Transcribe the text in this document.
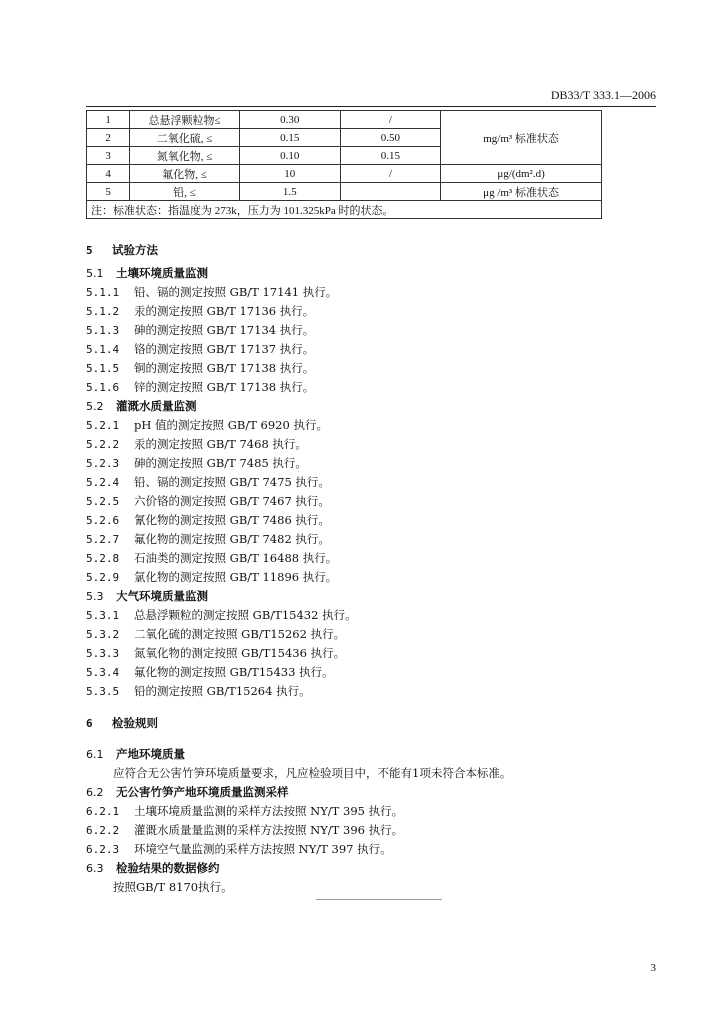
DB33/T 333.1—2006
1	总悬浮颗粒物≤	0.30	/	mg/m³ 标准状态
2	二氧化硫, ≤	0.15	0.50	
3	氮氧化物, ≤	0.10	0.15	
4	氟化物, ≤	10	/	μg/(dm².d)
5	铅, ≤	1.5		μg /m³ 标准状态
注：标准状态：指温度为 273k，压力为 101.325kPa 时的状态。				
5 试验方法
5.1 土壤环境质量监测
5.1.1 铅、镉的测定按照 GB/T 17141 执行。
5.1.2 汞的测定按照 GB/T 17136 执行。
5.1.3 砷的测定按照 GB/T 17134 执行。
5.1.4 铬的测定按照 GB/T 17137 执行。
5.1.5 铜的测定按照 GB/T 17138 执行。
5.1.6 锌的测定按照 GB/T 17138 执行。
5.2 灌溉水质量监测
5.2.1 pH 值的测定按照 GB/T 6920 执行。
5.2.2 汞的测定按照 GB/T 7468 执行。
5.2.3 砷的测定按照 GB/T 7485 执行。
5.2.4 铅、镉的测定按照 GB/T 7475 执行。
5.2.5 六价铬的测定按照 GB/T 7467 执行。
5.2.6 氰化物的测定按照 GB/T 7486 执行。
5.2.7 氟化物的测定按照 GB/T 7482 执行。
5.2.8 石油类的测定按照 GB/T 16488 执行。
5.2.9 氯化物的测定按照 GB/T 11896 执行。
5.3 大气环境质量监测
5.3.1 总悬浮颗粒的测定按照 GB/T15432 执行。
5.3.2 二氧化硫的测定按照 GB/T15262 执行。
5.3.3 氮氧化物的测定按照 GB/T15436 执行。
5.3.4 氟化物的测定按照 GB/T15433 执行。
5.3.5 铅的测定按照 GB/T15264 执行。
6 检验规则
6.1 产地环境质量
应符合无公害竹笋环境质量要求，凡应检验项目中，不能有1项未符合本标准。
6.2 无公害竹笋产地环境质量监测采样
6.2.1 土壤环境质量监测的采样方法按照 NY/T 395 执行。
6.2.2 灌溉水质量量监测的采样方法按照 NY/T 396 执行。
6.2.3 环境空气量监测的采样方法按照 NY/T 397 执行。
6.3 检验结果的数据修约
按照GB/T 8170执行。
3
